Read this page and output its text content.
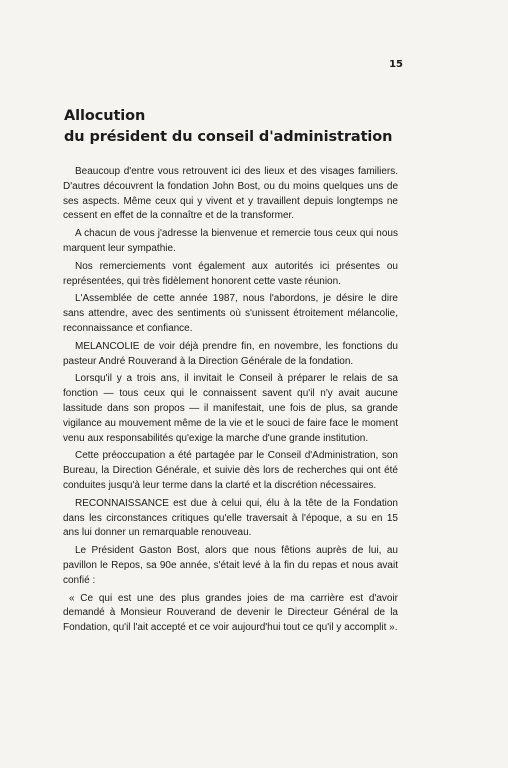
15
Allocution
du président du conseil d'administration

Beaucoup d'entre vous retrouvent ici des lieux et des visages familiers. D'autres découvrent la fondation John Bost, ou du moins quelques uns de ses aspects. Même ceux qui y vivent et y travaillent depuis longtemps ne cessent en effet de la connaître et de la transformer.

A chacun de vous j'adresse la bienvenue et remercie tous ceux qui nous marquent leur sympathie.

Nos remerciements vont également aux autorités ici présentes ou représentées, qui très fidèlement honorent cette vaste réunion.

L'Assemblée de cette année 1987, nous l'abordons, je désire le dire sans attendre, avec des sentiments où s'unissent étroitement mélancolie, reconnaissance et confiance.

MELANCOLIE de voir déjà prendre fin, en novembre, les fonctions du pasteur André Rouverand à la Direction Générale de la fondation.

Lorsqu'il y a trois ans, il invitait le Conseil à préparer le relais de sa fonction — tous ceux qui le connaissent savent qu'il n'y avait aucune lassitude dans son propos — il manifestait, une fois de plus, sa grande vigilance au mouvement même de la vie et le souci de faire face le moment venu aux responsabilités qu'exige la marche d'une grande institution.

Cette préoccupation a été partagée par le Conseil d'Administration, son Bureau, la Direction Générale, et suivie dès lors de recherches qui ont été conduites jusqu'à leur terme dans la clarté et la discrétion nécessaires.

RECONNAISSANCE est due à celui qui, élu à la tête de la Fondation dans les circonstances critiques qu'elle traversait à l'époque, a su en 15 ans lui donner un remarquable renouveau.

Le Président Gaston Bost, alors que nous fêtions auprès de lui, au pavillon le Repos, sa 90e année, s'était levé à la fin du repas et nous avait confié :

« Ce qui est une des plus grandes joies de ma carrière est d'avoir demandé à Monsieur Rouverand de devenir le Directeur Général de la Fondation, qu'il l'ait accepté et ce voir aujourd'hui tout ce qu'il y accomplit ».
